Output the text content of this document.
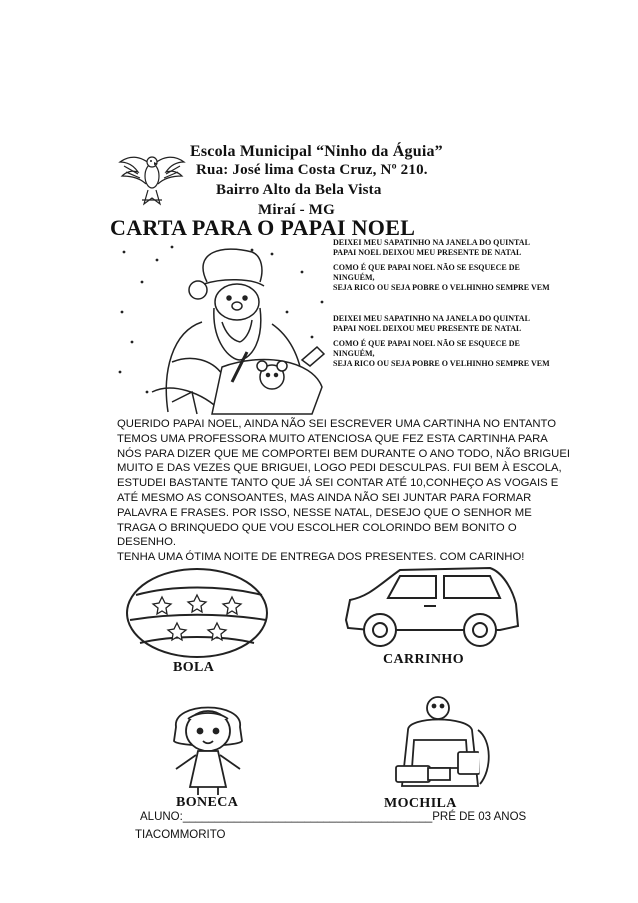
Escola Municipal “Ninho da Águia”
Rua: José lima Costa Cruz, Nº 210.
Bairro Alto da Bela Vista
Miraí - MG
CARTA PARA O PAPAI NOEL
DEIXEI MEU SAPATINHO NA JANELA DO QUINTAL
PAPAI NOEL DEIXOU MEU PRESENTE DE NATAL
COMO É QUE PAPAI NOEL NÃO SE ESQUECE DE NINGUÉM,
SEJA RICO OU SEJA POBRE O VELHINHO SEMPRE VEM
DEIXEI MEU SAPATINHO NA JANELA DO QUINTAL
PAPAI NOEL DEIXOU MEU PRESENTE DE NATAL
COMO É QUE PAPAI NOEL NÃO SE ESQUECE DE NINGUÉM,
SEJA RICO OU SEJA POBRE O VELHINHO SEMPRE VEM

QUERIDO PAPAI NOEL, AINDA NÃO SEI ESCREVER UMA CARTINHA NO ENTANTO TEMOS UMA PROFESSORA MUITO ATENCIOSA QUE FEZ ESTA CARTINHA PARA NÓS PARA DIZER QUE ME COMPORTEI BEM DURANTE O ANO TODO, NÃO BRIGUEI MUITO E DAS VEZES QUE BRIGUEI, LOGO PEDI DESCULPAS. FUI BEM À ESCOLA, ESTUDEI BASTANTE TANTO QUE JÁ SEI CONTAR ATÉ 10,CONHEÇO AS VOGAIS E ATÉ MESMO AS CONSOANTES, MAS AINDA NÃO SEI JUNTAR PARA FORMAR PALAVRA E FRASES. POR ISSO, NESSE NATAL, DESEJO QUE O SENHOR ME TRAGA O BRINQUEDO QUE VOU ESCOLHER COLORINDO BEM BONITO O DESENHO.

TENHA UMA ÓTIMA NOITE DE ENTREGA DOS PRESENTES. COM CARINHO!

BOLA
CARRINHO
BONECA	MOCHILA
ALUNO:_______________________________________PRÉ DE 03 ANOS
TIACOMMORITO
